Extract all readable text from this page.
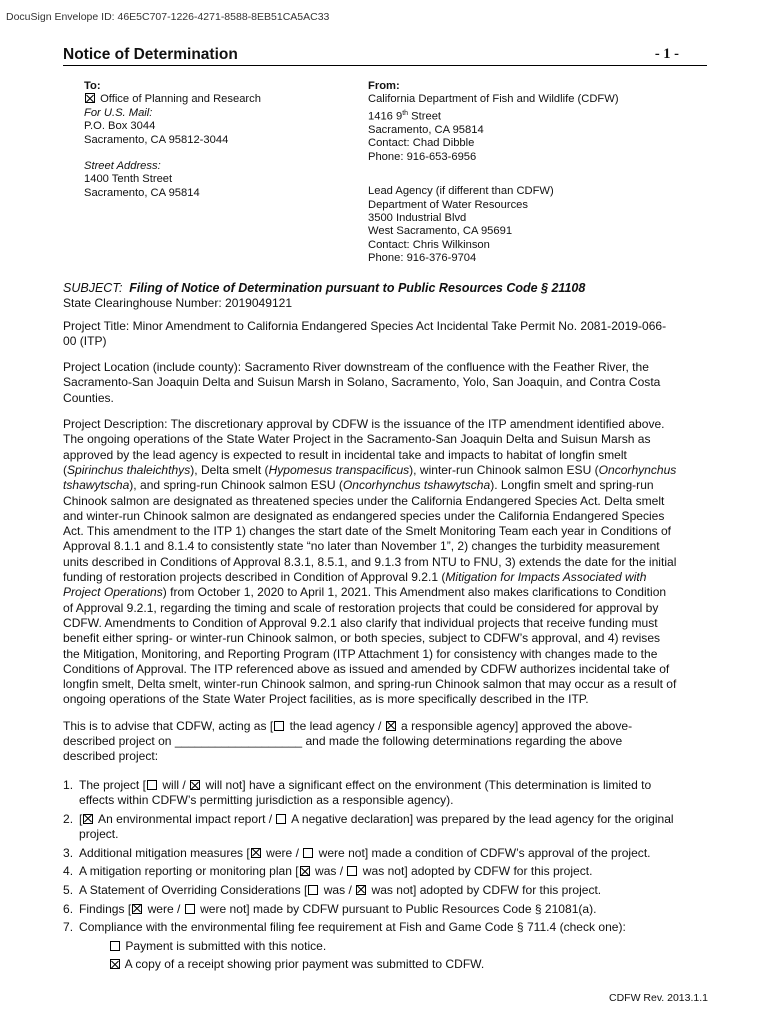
DocuSign Envelope ID: 46E5C707-1226-4271-8588-8EB51CA5AC33
Notice of Determination	- 1 -
To:
Office of Planning and Research
For U.S. Mail:
P.O. Box 3044
Sacramento, CA 95812-3044
Street Address:
1400 Tenth Street
Sacramento, CA 95814
From:
California Department of Fish and Wildlife (CDFW)
1416 9th Street
Sacramento, CA 95814
Contact: Chad Dibble
Phone: 916-653-6956
Lead Agency (if different than CDFW)
Department of Water Resources
3500 Industrial Blvd
West Sacramento, CA 95691
Contact: Chris Wilkinson
Phone: 916-376-9704
SUBJECT: Filing of Notice of Determination pursuant to Public Resources Code § 21108
State Clearinghouse Number: 2019049121
Project Title: Minor Amendment to California Endangered Species Act Incidental Take Permit No. 2081-2019-066-
00 (ITP)
Project Location (include county): Sacramento River downstream of the confluence with the Feather River, the
Sacramento-San Joaquin Delta and Suisun Marsh in Solano, Sacramento, Yolo, San Joaquin, and Contra Costa
Counties.
Project Description: The discretionary approval by CDFW is the issuance of the ITP amendment identified above.
The ongoing operations of the State Water Project in the Sacramento-San Joaquin Delta and Suisun Marsh as
approved by the lead agency is expected to result in incidental take and impacts to habitat of longfin smelt
(Spirinchus thaleichthys), Delta smelt (Hypomesus transpacificus), winter-run Chinook salmon ESU (Oncorhynchus
tshawytscha), and spring-run Chinook salmon ESU (Oncorhynchus tshawytscha). Longfin smelt and spring-run
Chinook salmon are designated as threatened species under the California Endangered Species Act. Delta smelt
and winter-run Chinook salmon are designated as endangered species under the California Endangered Species
Act. This amendment to the ITP 1) changes the start date of the Smelt Monitoring Team each year in Conditions of
Approval 8.1.1 and 8.1.4 to consistently state “no later than November 1”, 2) changes the turbidity measurement
units described in Conditions of Approval 8.3.1, 8.5.1, and 9.1.3 from NTU to FNU, 3) extends the date for the initial
funding of restoration projects described in Condition of Approval 9.2.1 (Mitigation for Impacts Associated with
Project Operations) from October 1, 2020 to April 1, 2021. This Amendment also makes clarifications to Condition
of Approval 9.2.1, regarding the timing and scale of restoration projects that could be considered for approval by
CDFW. Amendments to Condition of Approval 9.2.1 also clarify that individual projects that receive funding must
benefit either spring- or winter-run Chinook salmon, or both species, subject to CDFW’s approval, and 4) revises
the Mitigation, Monitoring, and Reporting Program (ITP Attachment 1) for consistency with changes made to the
Conditions of Approval. The ITP referenced above as issued and amended by CDFW authorizes incidental take of
longfin smelt, Delta smelt, winter-run Chinook salmon, and spring-run Chinook salmon that may occur as a result of
ongoing operations of the State Water Project facilities, as is more specifically described in the ITP.
This is to advise that CDFW, acting as [ the lead agency /  a responsible agency] approved the above-
described project on ___________________ and made the following determinations regarding the above
described project:
1. The project [ will /  will not] have a significant effect on the environment (This determination is limited to
effects within CDFW’s permitting jurisdiction as a responsible agency).
2. [ An environmental impact report /  A negative declaration] was prepared by the lead agency for the original
project.
3. Additional mitigation measures [ were /  were not] made a condition of CDFW’s approval of the project.
4. A mitigation reporting or monitoring plan [ was /  was not] adopted by CDFW for this project.
5. A Statement of Overriding Considerations [ was /  was not] adopted by CDFW for this project.
6. Findings [ were /  were not] made by CDFW pursuant to Public Resources Code § 21081(a).
7. Compliance with the environmental filing fee requirement at Fish and Game Code § 711.4 (check one):
Payment is submitted with this notice.
A copy of a receipt showing prior payment was submitted to CDFW.
CDFW Rev. 2013.1.1
